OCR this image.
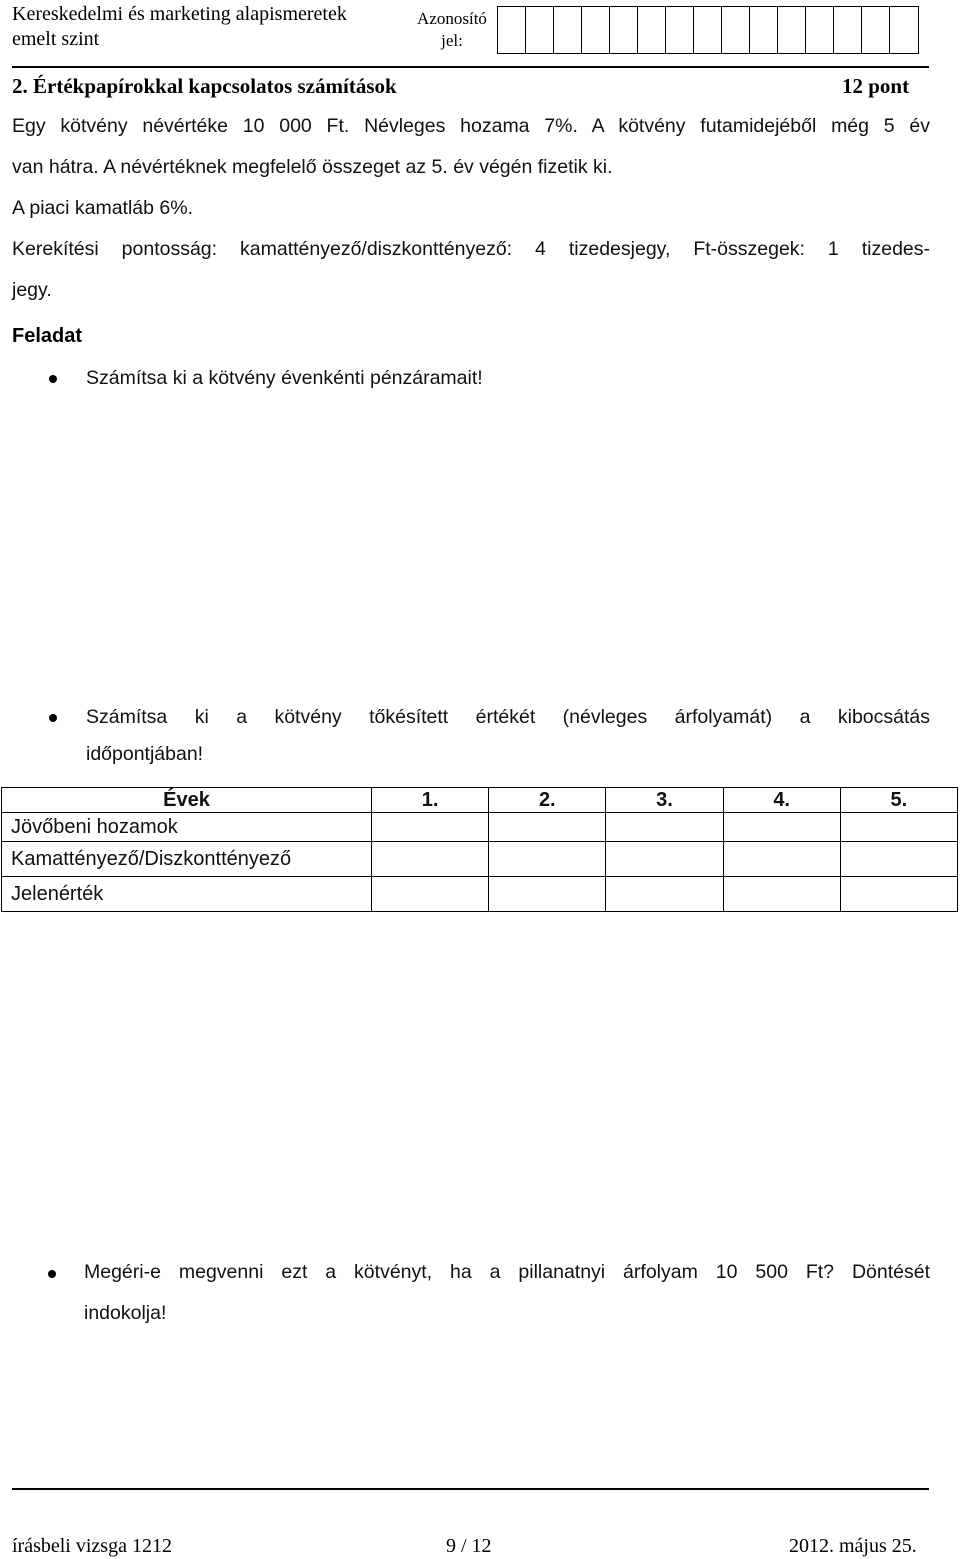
Kereskedelmi és marketing alapismeretek
emelt szint
Azonosító
jel:
2. Értékpapírokkal kapcsolatos számítások	12 pont
Egy kötvény névértéke 10 000 Ft. Névleges hozama 7%. A kötvény futamidejéből még 5 év
van hátra. A névértéknek megfelelő összeget az 5. év végén fizetik ki.
A piaci kamatláb 6%.
Kerekítési pontosság: kamattényező/diszkonttényező: 4 tizedesjegy, Ft-összegek: 1 tizedes-
jegy.
Feladat
Számítsa ki a kötvény évenkénti pénzáramait!
Számítsa ki a kötvény tőkésített értékét (névleges árfolyamát) a kibocsátás
időpontjában!
Évek	1.	2.	3.	4.	5.
Jövőbeni hozamok					
Kamattényező/Diszkonttényező					
Jelenérték					
Megéri-e megvenni ezt a kötvényt, ha a pillanatnyi árfolyam 10 500 Ft? Döntését
indokolja!
írásbeli vizsga 1212	9 / 12	2012. május 25.
